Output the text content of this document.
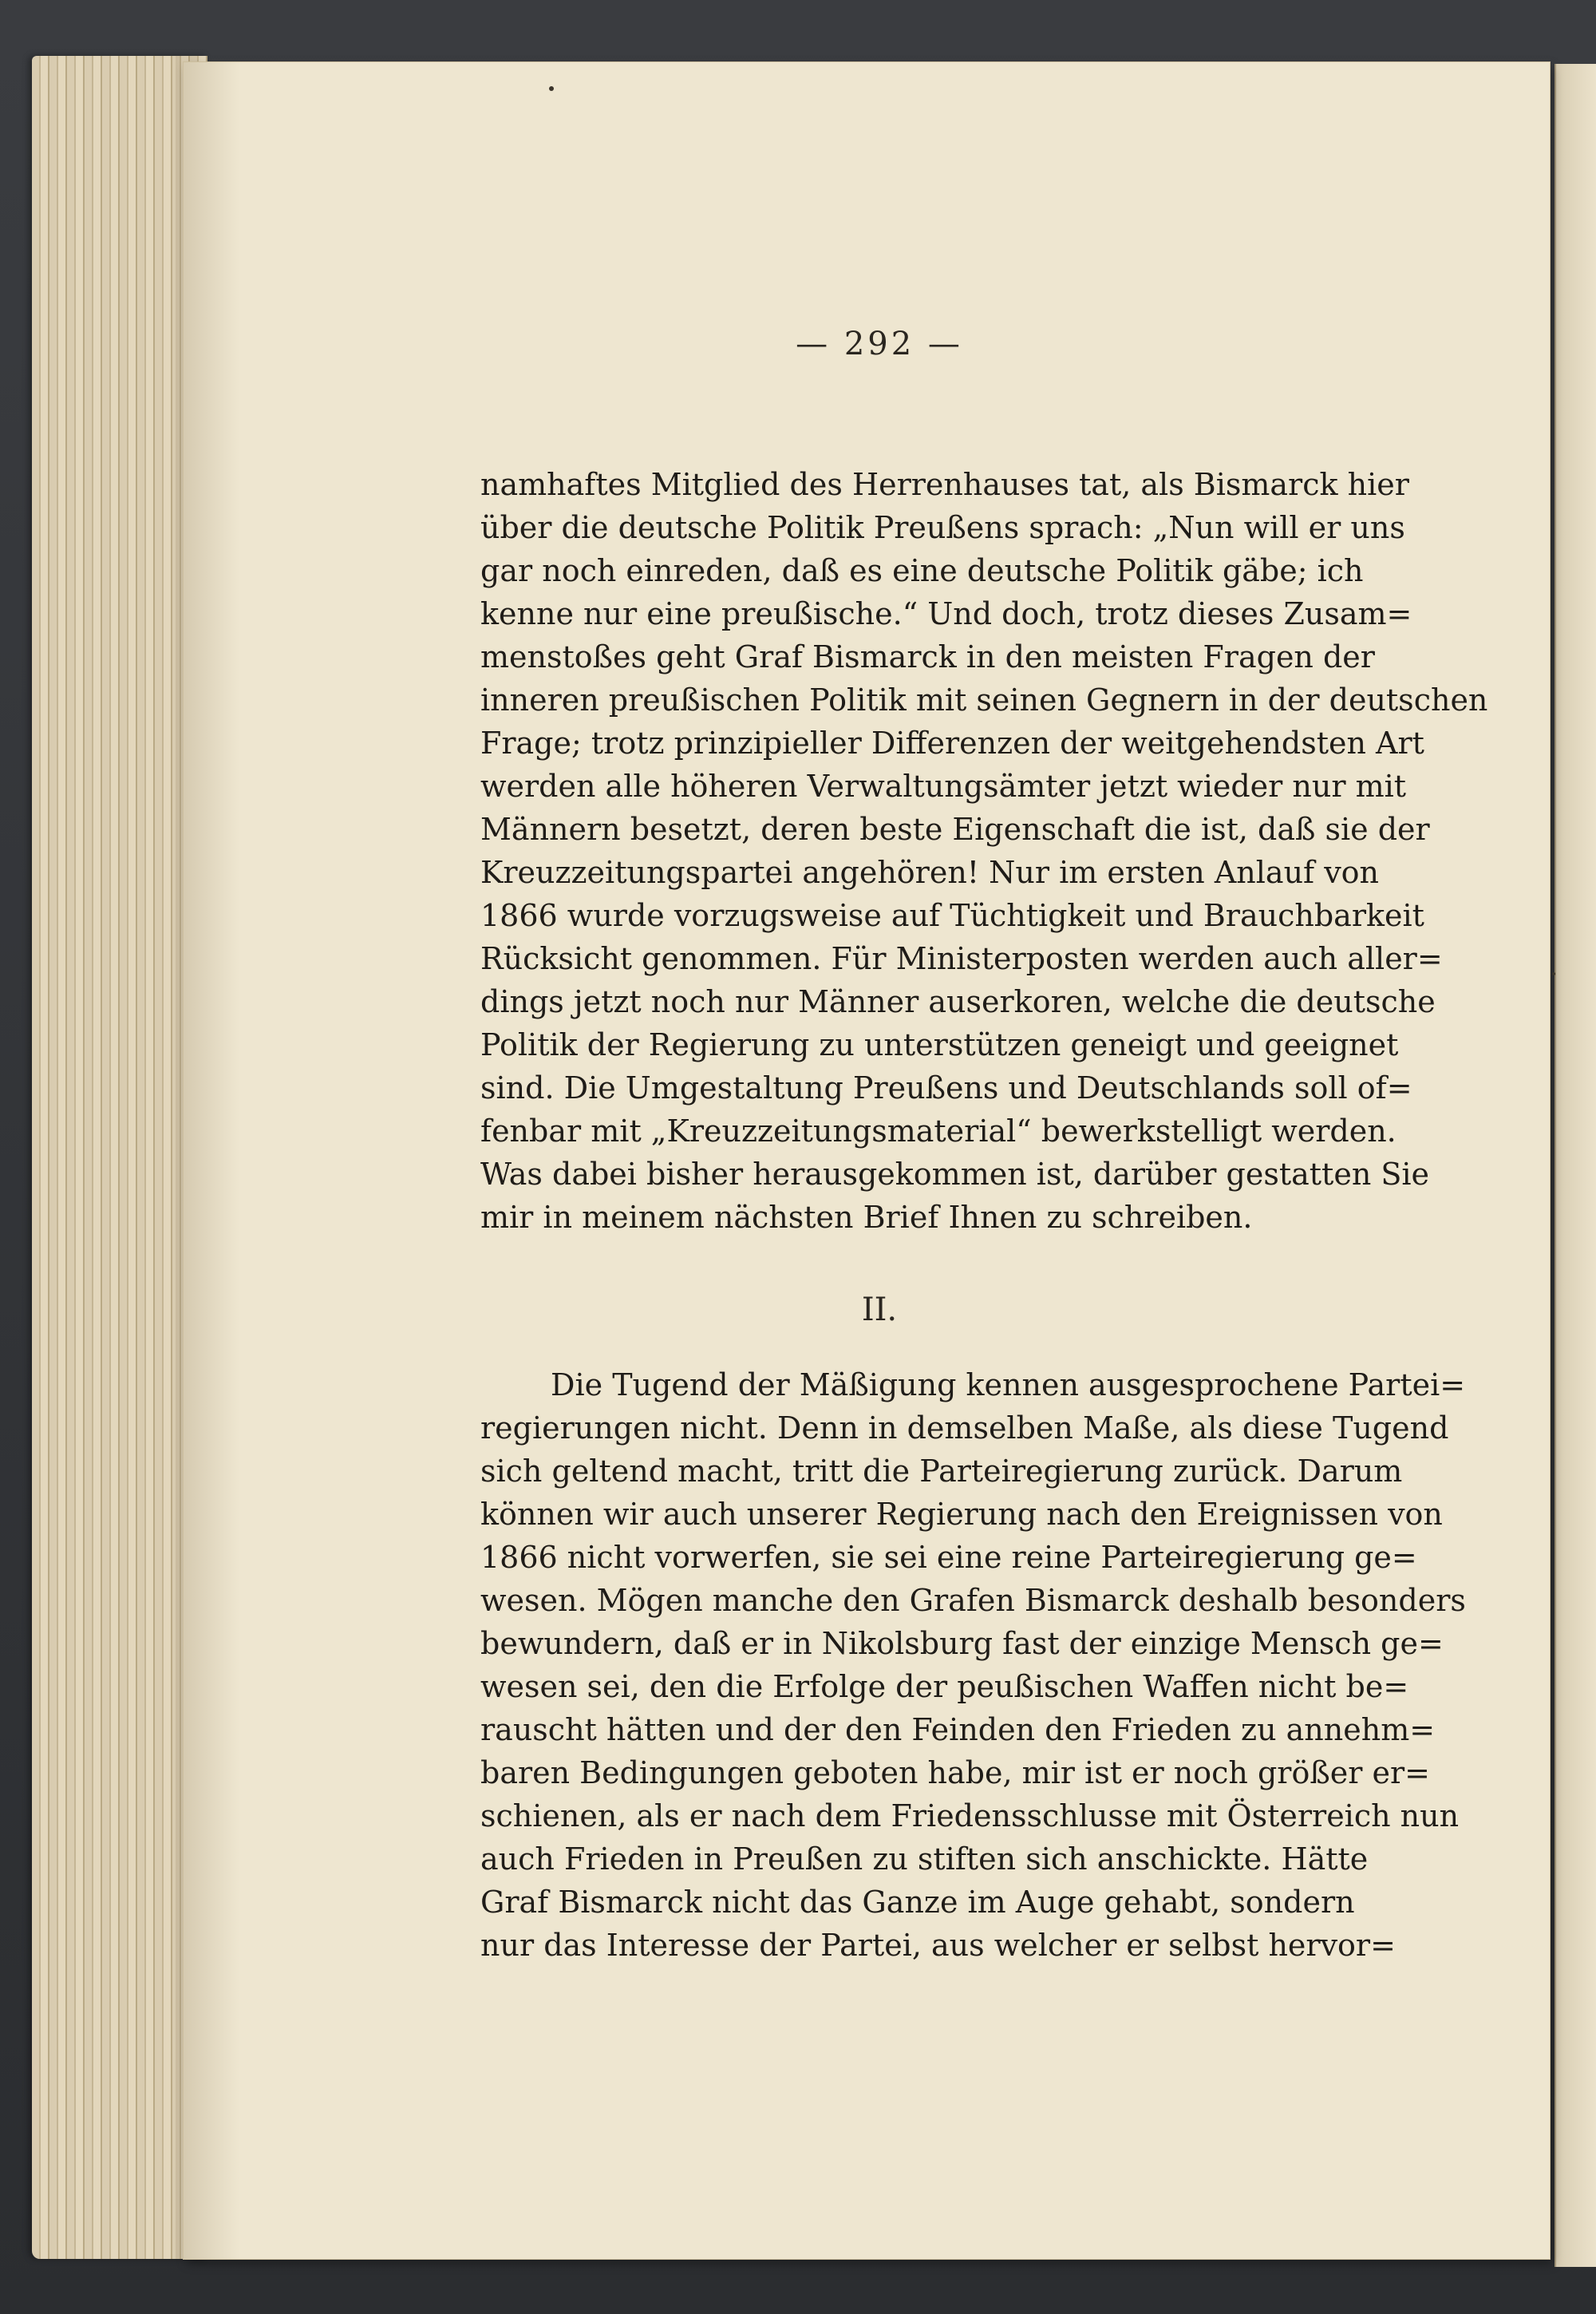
— 292 —
namhaftes Mitglied des Herrenhauses tat, als Bismarck hier
über die deutsche Politik Preußens sprach: „Nun will er uns
gar noch einreden, daß es eine deutsche Politik gäbe; ich
kenne nur eine preußische.“ Und doch, trotz dieses Zusam=
menstoßes geht Graf Bismarck in den meisten Fragen der
inneren preußischen Politik mit seinen Gegnern in der deutschen
Frage; trotz prinzipieller Differenzen der weitgehendsten Art
werden alle höheren Verwaltungsämter jetzt wieder nur mit
Männern besetzt, deren beste Eigenschaft die ist, daß sie der
Kreuzzeitungspartei angehören! Nur im ersten Anlauf von
1866 wurde vorzugsweise auf Tüchtigkeit und Brauchbarkeit
Rücksicht genommen. Für Ministerposten werden auch aller=
dings jetzt noch nur Männer auserkoren, welche die deutsche
Politik der Regierung zu unterstützen geneigt und geeignet
sind. Die Umgestaltung Preußens und Deutschlands soll of=
fenbar mit „Kreuzzeitungsmaterial“ bewerkstelligt werden.
Was dabei bisher herausgekommen ist, darüber gestatten Sie
mir in meinem nächsten Brief Ihnen zu schreiben.
II.
Die Tugend der Mäßigung kennen ausgesprochene Partei=
regierungen nicht. Denn in demselben Maße, als diese Tugend
sich geltend macht, tritt die Parteiregierung zurück. Darum
können wir auch unserer Regierung nach den Ereignissen von
1866 nicht vorwerfen, sie sei eine reine Parteiregierung ge=
wesen. Mögen manche den Grafen Bismarck deshalb besonders
bewundern, daß er in Nikolsburg fast der einzige Mensch ge=
wesen sei, den die Erfolge der peußischen Waffen nicht be=
rauscht hätten und der den Feinden den Frieden zu annehm=
baren Bedingungen geboten habe, mir ist er noch größer er=
schienen, als er nach dem Friedensschlusse mit Österreich nun
auch Frieden in Preußen zu stiften sich anschickte. Hätte
Graf Bismarck nicht das Ganze im Auge gehabt, sondern
nur das Interesse der Partei, aus welcher er selbst hervor=
